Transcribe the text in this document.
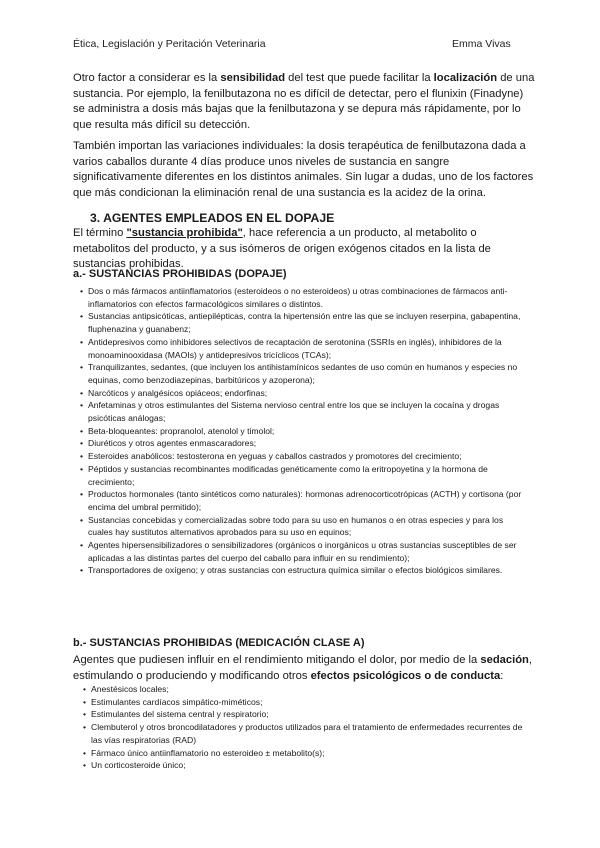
Ética, Legislación y Peritación Veterinaria	Emma Vivas

Otro factor a considerar es la sensibilidad del test que puede facilitar la localización de una sustancia. Por ejemplo, la fenilbutazona no es difícil de detectar, pero el flunixin (Finadyne) se administra a dosis más bajas que la fenilbutazona y se depura más rápidamente, por lo que resulta más difícil su detección.

También importan las variaciones individuales: la dosis terapéutica de fenilbutazona dada a varios caballos durante 4 días produce unos niveles de sustancia en sangre significativamente diferentes en los distintos animales. Sin lugar a dudas, uno de los factores que más condicionan la eliminación renal de una sustancia es la acidez de la orina.

3. AGENTES EMPLEADOS EN EL DOPAJE

El término "sustancia prohibida", hace referencia a un producto, al metabolito o metabolitos del producto, y a sus isómeros de origen exógenos citados en la lista de sustancias prohibidas.

a.- SUSTANCIAS PROHIBIDAS (DOPAJE)
• Dos o más fármacos antiinflamatorios (esteroideos o no esteroideos) u otras combinaciones de fármacos anti-inflamatorios con efectos farmacológicos similares o distintos.
• Sustancias antipsicóticas, antiepilépticas, contra la hipertensión entre las que se incluyen reserpina, gabapentina, fluphenazina y guanabenz;
• Antidepresivos como inhibidores selectivos de recaptación de serotonina (SSRIs en inglés), inhibidores de la monoaminooxidasa (MAOIs) y antidepresivos tricíclicos (TCAs);
• Tranquilizantes, sedantes, (que incluyen los antihistamínicos sedantes de uso común en humanos y especies no equinas, como benzodiazepinas, barbitúricos y azoperona);
• Narcóticos y analgésicos opiáceos; endorfinas;
• Anfetaminas y otros estimulantes del Sistema nervioso central entre los que se incluyen la cocaína y drogas psicóticas análogas;
• Beta-bloqueantes: propranolol, atenolol y timolol;
• Diuréticos y otros agentes enmascaradores;
• Esteroides anabólicos: testosterona en yeguas y caballos castrados y promotores del crecimiento;
• Péptidos y sustancias recombinantes modificadas genéticamente como la eritropoyetina y la hormona de crecimiento;
• Productos hormonales (tanto sintéticos como naturales): hormonas adrenocorticotrópicas (ACTH) y cortisona (por encima del umbral permitido);
• Sustancias concebidas y comercializadas sobre todo para su uso en humanos o en otras especies y para los cuales hay sustitutos alternativos aprobados para su uso en equinos;
• Agentes hipersensibilizadores o sensibilizadores (orgánicos o inorgánicos u otras sustancias susceptibles de ser aplicadas a las distintas partes del cuerpo del caballo para influir en su rendimiento);
• Transportadores de oxígeno; y otras sustancias con estructura química similar o efectos biológicos similares.
b.- SUSTANCIAS PROHIBIDAS (MEDICACIÓN CLASE A)

Agentes que pudiesen influir en el rendimiento mitigando el dolor, por medio de la sedación, estimulando o produciendo y modificando otros efectos psicológicos o de conducta:

• Anestésicos locales;
• Estimulantes cardíacos simpático-miméticos;
• Estimulantes del sistema central y respiratorio;
• Clembuterol y otros broncodilatadores y productos utilizados para el tratamiento de enfermedades recurrentes de las vías respiratorias (RAD)
• Fármaco único antiinflamatorio no esteroideo ± metabolito(s);
• Un corticosteroide único;
